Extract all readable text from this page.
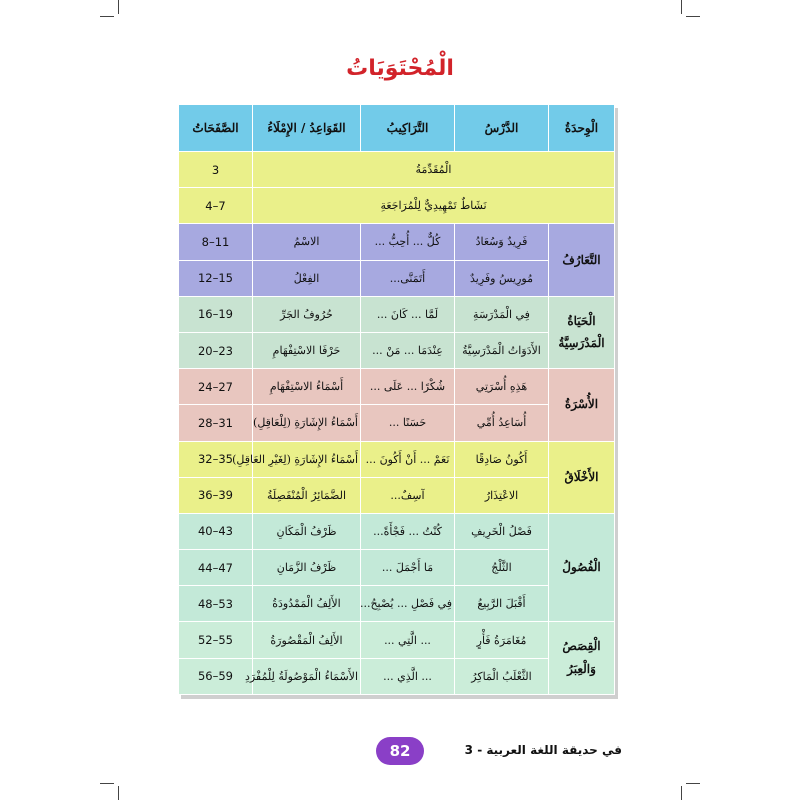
الْمُحْتَوَيَاتُ
الْوِحدَةُ	الدَّرْسُ	التَّرَاكِيبُ	القَوَاعِدُ / الإِمْلَاءُ	الصَّفَحَاتُ
الْمُقَدِّمَةُ				3
نَشَاطٌ تَمْهِيدِيٌّ لِلْمُرَاجَعَةِ				4–7
التَّعَارُفُ	فَرِيدٌ وَسُعَادُ	كُلٌّ ... أُحِبُّ ...	الاسْمُ	8–11
	مُورِيسُ وفَرِيدٌ	أَتَمَنَّى...	الفِعْلُ	12–15
الْحَيَاةُ الْمَدْرَسِيَّةُ	فِي الْمَدْرَسَةِ	لَمَّا ... كَانَ ...	حُرُوفُ الجَرِّ	16–19
	الأَدَوَاتُ الْمَدْرَسِيَّةُ	عِنْدَمَا ... مَنْ ...	حَرْفَا الاسْتِفْهَامِ	20–23
الأُسْرَةُ	هَذِهِ أُسْرَتِي	شُكْرًا ... عَلَى ...	أَسْمَاءُ الاسْتِفْهَامِ	24–27
	أُسَاعِدُ أُمِّي	حَسَنًا ...	أَسْمَاءُ الإِشَارَةِ (لِلْعَاقِلِ)	28–31
الأَخْلَاقُ	أَكُونُ صَادِقًا	نَعَمْ ... أَنْ أَكُونَ ...	أَسْمَاءُ الإِشَارَةِ (لِغَيْرِ العَاقِلِ)	32–35
	الاعْتِذَارُ	آسِفٌ...	الضَّمَائِرُ الْمُنْفَصِلَةُ	36–39
الْفُصُولُ	فَصْلُ الْخَرِيفِ	كُنْتُ ... فَجْأَةً...	ظَرْفُ الْمَكَانِ	40–43
	الثَّلْجُ	مَا أَجْمَلَ ...	ظَرْفُ الزَّمَانِ	44–47
	أَقْبَلَ الرَّبِيعُ	فِي فَصْلِ ... يُصْبِحُ...	الأَلِفُ الْمَمْدُودَةُ	48–53
الْقِصَصُ وَالْعِبَرُ	مُغَامَرَةُ فَأْرٍ	... الَّتِي ...	الأَلِفُ الْمَقْصُورَةُ	52–55
	الثَّعْلَبُ الْمَاكِرُ	... الَّذِي ...	الأَسْمَاءُ الْمَوْصُولَةُ لِلْمُفْرَدِ	56–59
في حديقة اللغة العربية - 3
82
